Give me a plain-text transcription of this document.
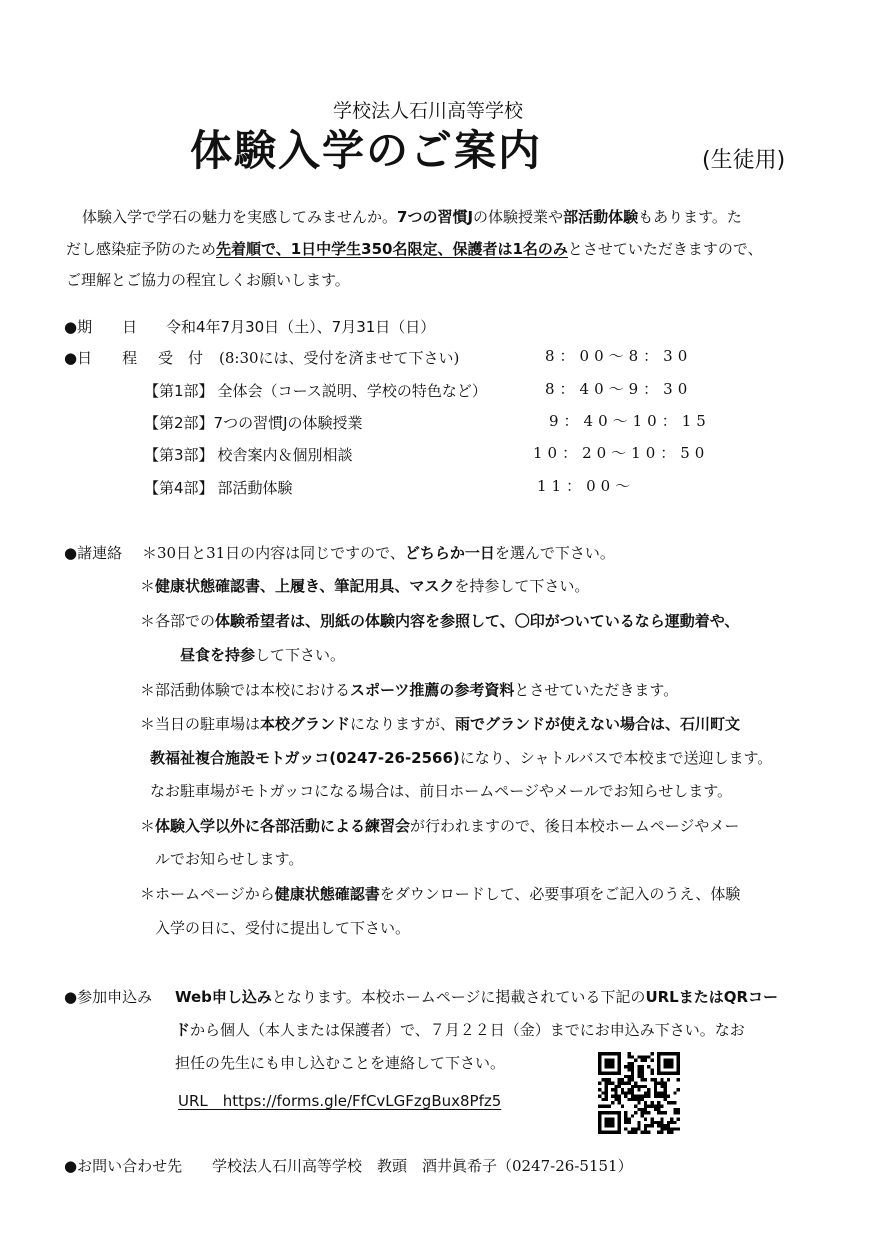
学校法人石川高等学校
体験入学のご案内	(生徒用)
体験入学で学石の魅力を実感してみませんか。7つの習慣Jの体験授業や部活動体験もあります。た
だし感染症予防のため先着順で、1日中学生350名限定、保護者は1名のみとさせていただきますので、
ご理解とご協力の程宜しくお願いします。
●期　　日 令和4年7月30日（土）、7月31日（日）
●日　　程 受　付 (8:30には、受付を済ませて下さい)	8：00〜8：30
【第1部】 全体会（コース説明、学校の特色など）	8：40〜9：30
【第2部】7つの習慣Jの体験授業	9：40〜10：15
【第3部】 校舎案内＆個別相談	10：20〜10：50
【第4部】 部活動体験	11：00〜
●諸連絡 ＊30日と31日の内容は同じですので、どちらか一日を選んで下さい。
＊健康状態確認書、上履き、筆記用具、マスクを持参して下さい。
＊各部での体験希望者は、別紙の体験内容を参照して、〇印がついているなら運動着や、
昼食を持参して下さい。
＊部活動体験では本校におけるスポーツ推薦の参考資料とさせていただきます。
＊当日の駐車場は本校グランドになりますが、雨でグランドが使えない場合は、石川町文
教福祉複合施設モトガッコ(0247-26-2566)になり、シャトルバスで本校まで送迎します。
なお駐車場がモトガッコになる場合は、前日ホームページやメールでお知らせします。
＊体験入学以外に各部活動による練習会が行われますので、後日本校ホームページやメー
ルでお知らせします。
＊ホームページから健康状態確認書をダウンロードして、必要事項をご記入のうえ、体験
入学の日に、受付に提出して下さい。
●参加申込み Web申し込みとなります。本校ホームページに掲載されている下記のURLまたはQRコー
ドから個人（本人または保護者）で、７月２２日（金）までにお申込み下さい。なお
担任の先生にも申し込むことを連絡して下さい。
URL　https://forms.gle/FfCvLGFzgBux8Pfz5
●お問い合わせ先 学校法人石川高等学校　教頭　酒井眞希子（0247-26-5151）
